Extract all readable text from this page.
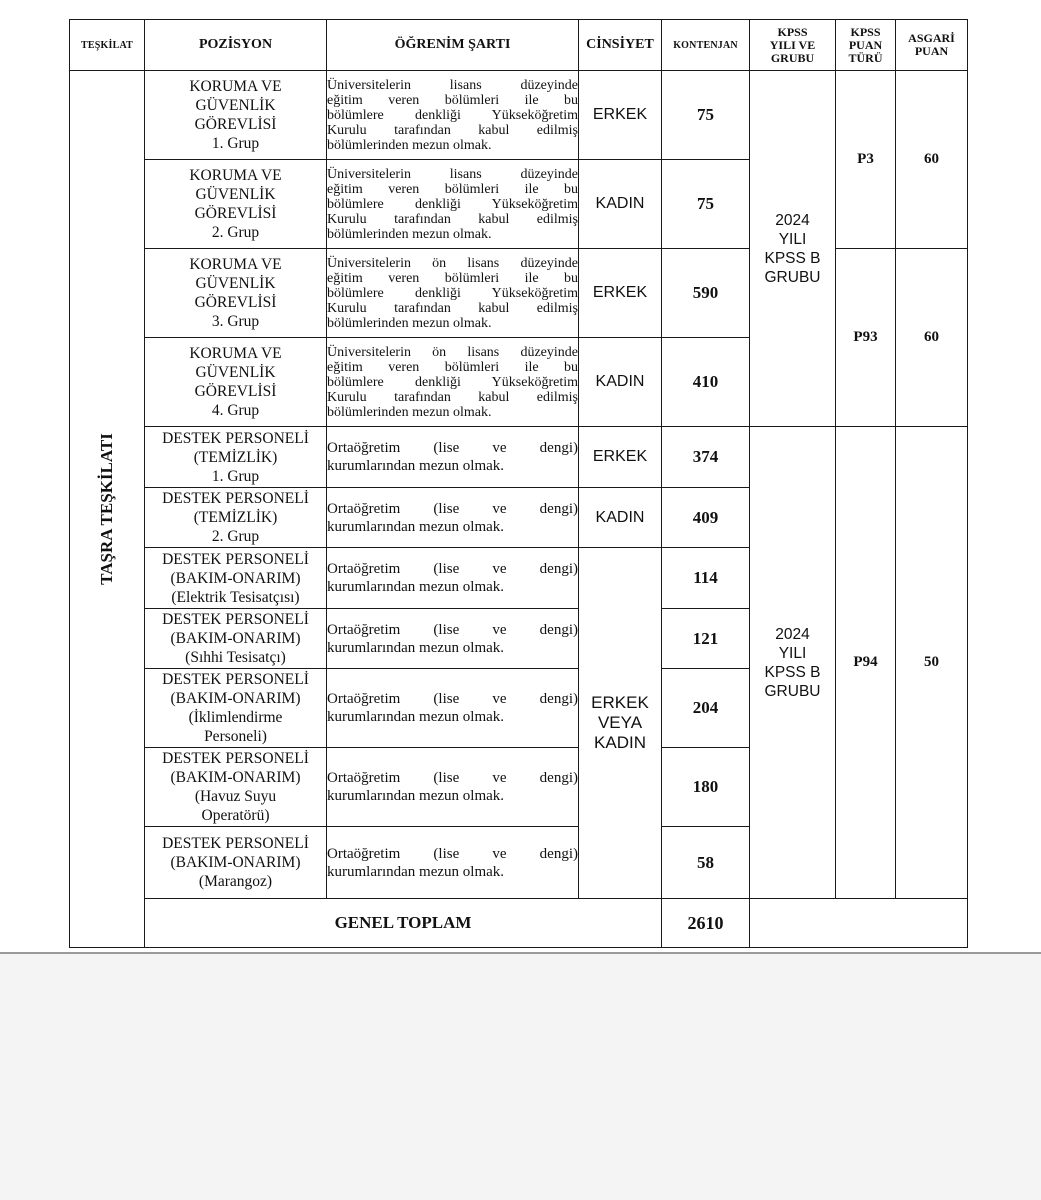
TEŞKİLAT	POZİSYON	ÖĞRENİM ŞARTI	CİNSİYET	KONTENJAN	KPSS
YILI VE
GRUBU	KPSS
PUAN
TÜRÜ	ASGARİ
PUAN

TAŞRA TEŞKİLATI	KORUMA VE
GÜVENLİK
GÖREVLİSİ
1. Grup	Üniversitelerin lisans düzeyinde
eğitim veren bölümleri ile bu
bölümlere denkliği Yükseköğretim
Kurulu tarafından kabul edilmiş
bölümlerinden mezun olmak.	ERKEK	75	2024
YILI
KPSS B
GRUBU	P3	60

	KORUMA VE
GÜVENLİK
GÖREVLİSİ
2. Grup	Üniversitelerin lisans düzeyinde
eğitim veren bölümleri ile bu
bölümlere denkliği Yükseköğretim
Kurulu tarafından kabul edilmiş
bölümlerinden mezun olmak.	KADIN	75			

	KORUMA VE
GÜVENLİK
GÖREVLİSİ
3. Grup	Üniversitelerin ön lisans düzeyinde
eğitim veren bölümleri ile bu
bölümlere denkliği Yükseköğretim
Kurulu tarafından kabul edilmiş
bölümlerinden mezun olmak.	ERKEK	590		P93	60

	KORUMA VE
GÜVENLİK
GÖREVLİSİ
4. Grup	Üniversitelerin ön lisans düzeyinde
eğitim veren bölümleri ile bu
bölümlere denkliği Yükseköğretim
Kurulu tarafından kabul edilmiş
bölümlerinden mezun olmak.	KADIN	410			

	DESTEK PERSONELİ
(TEMİZLİK)
1. Grup	Ortaöğretim (lise ve dengi)
kurumlarından mezun olmak.	ERKEK	374	2024
YILI
KPSS B
GRUBU	P94	50

	DESTEK PERSONELİ
(TEMİZLİK)
2. Grup	Ortaöğretim (lise ve dengi)
kurumlarından mezun olmak.	KADIN	409			

	DESTEK PERSONELİ
(BAKIM-ONARIM)
(Elektrik Tesisatçısı)	Ortaöğretim (lise ve dengi)
kurumlarından mezun olmak.	ERKEK
VEYA
KADIN	114			

	DESTEK PERSONELİ
(BAKIM-ONARIM)
(Sıhhi Tesisatçı)	Ortaöğretim (lise ve dengi)
kurumlarından mezun olmak.		121			

	DESTEK PERSONELİ
(BAKIM-ONARIM)
(İklimlendirme
Personeli)	Ortaöğretim (lise ve dengi)
kurumlarından mezun olmak.		204			

	DESTEK PERSONELİ
(BAKIM-ONARIM)
(Havuz Suyu
Operatörü)	Ortaöğretim (lise ve dengi)
kurumlarından mezun olmak.		180			

	DESTEK PERSONELİ
(BAKIM-ONARIM)
(Marangoz)	Ortaöğretim (lise ve dengi)
kurumlarından mezun olmak.		58			
	GENEL TOPLAM			2610			
